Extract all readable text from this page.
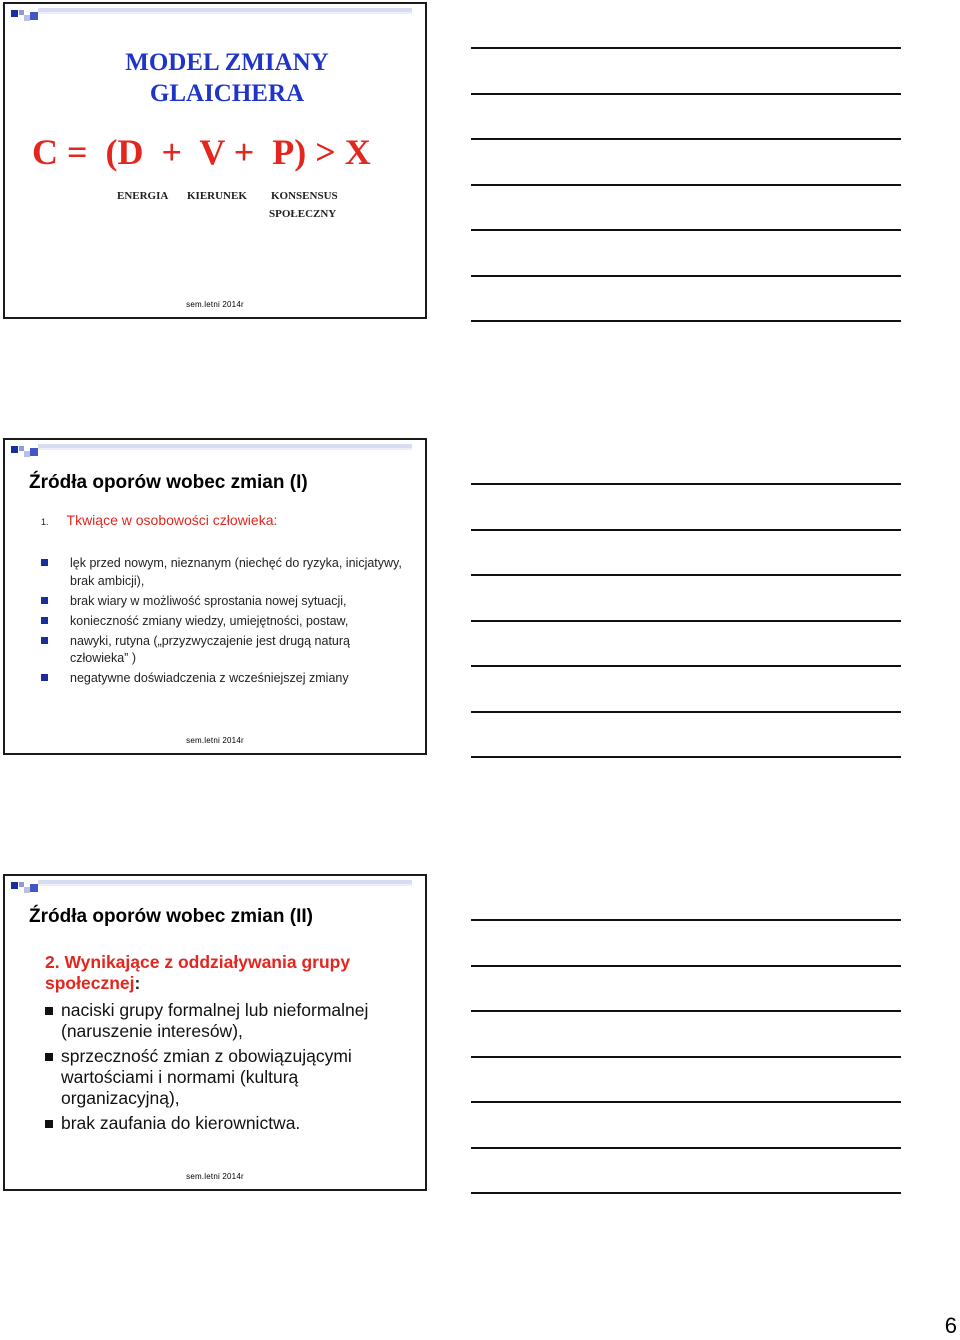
MODEL ZMIANY
GLAICHERA
C =  (D  +  V +  P) > X
ENERGIA KIERUNEK KONSENSUS
SPOŁECZNY
sem.letni 2014r
Źródła oporów wobec zmian (I)
1. Tkwiące w osobowości człowieka:
lęk przed nowym, nieznanym (niechęć do ryzyka, inicjatywy, brak ambicji),
brak wiary w możliwość sprostania nowej sytuacji,
konieczność zmiany wiedzy, umiejętności, postaw,
nawyki, rutyna („przyzwyczajenie jest drugą naturą człowieka” )
negatywne doświadczenia z wcześniejszej zmiany
sem.letni 2014r
Źródła oporów wobec zmian (II)
2. Wynikające z oddziaływania grupy społecznej:
naciski grupy formalnej lub nieformalnej (naruszenie interesów),
sprzeczność zmian z obowiązującymi wartościami i normami (kulturą organizacyjną),
brak zaufania do kierownictwa.
sem.letni 2014r
6
